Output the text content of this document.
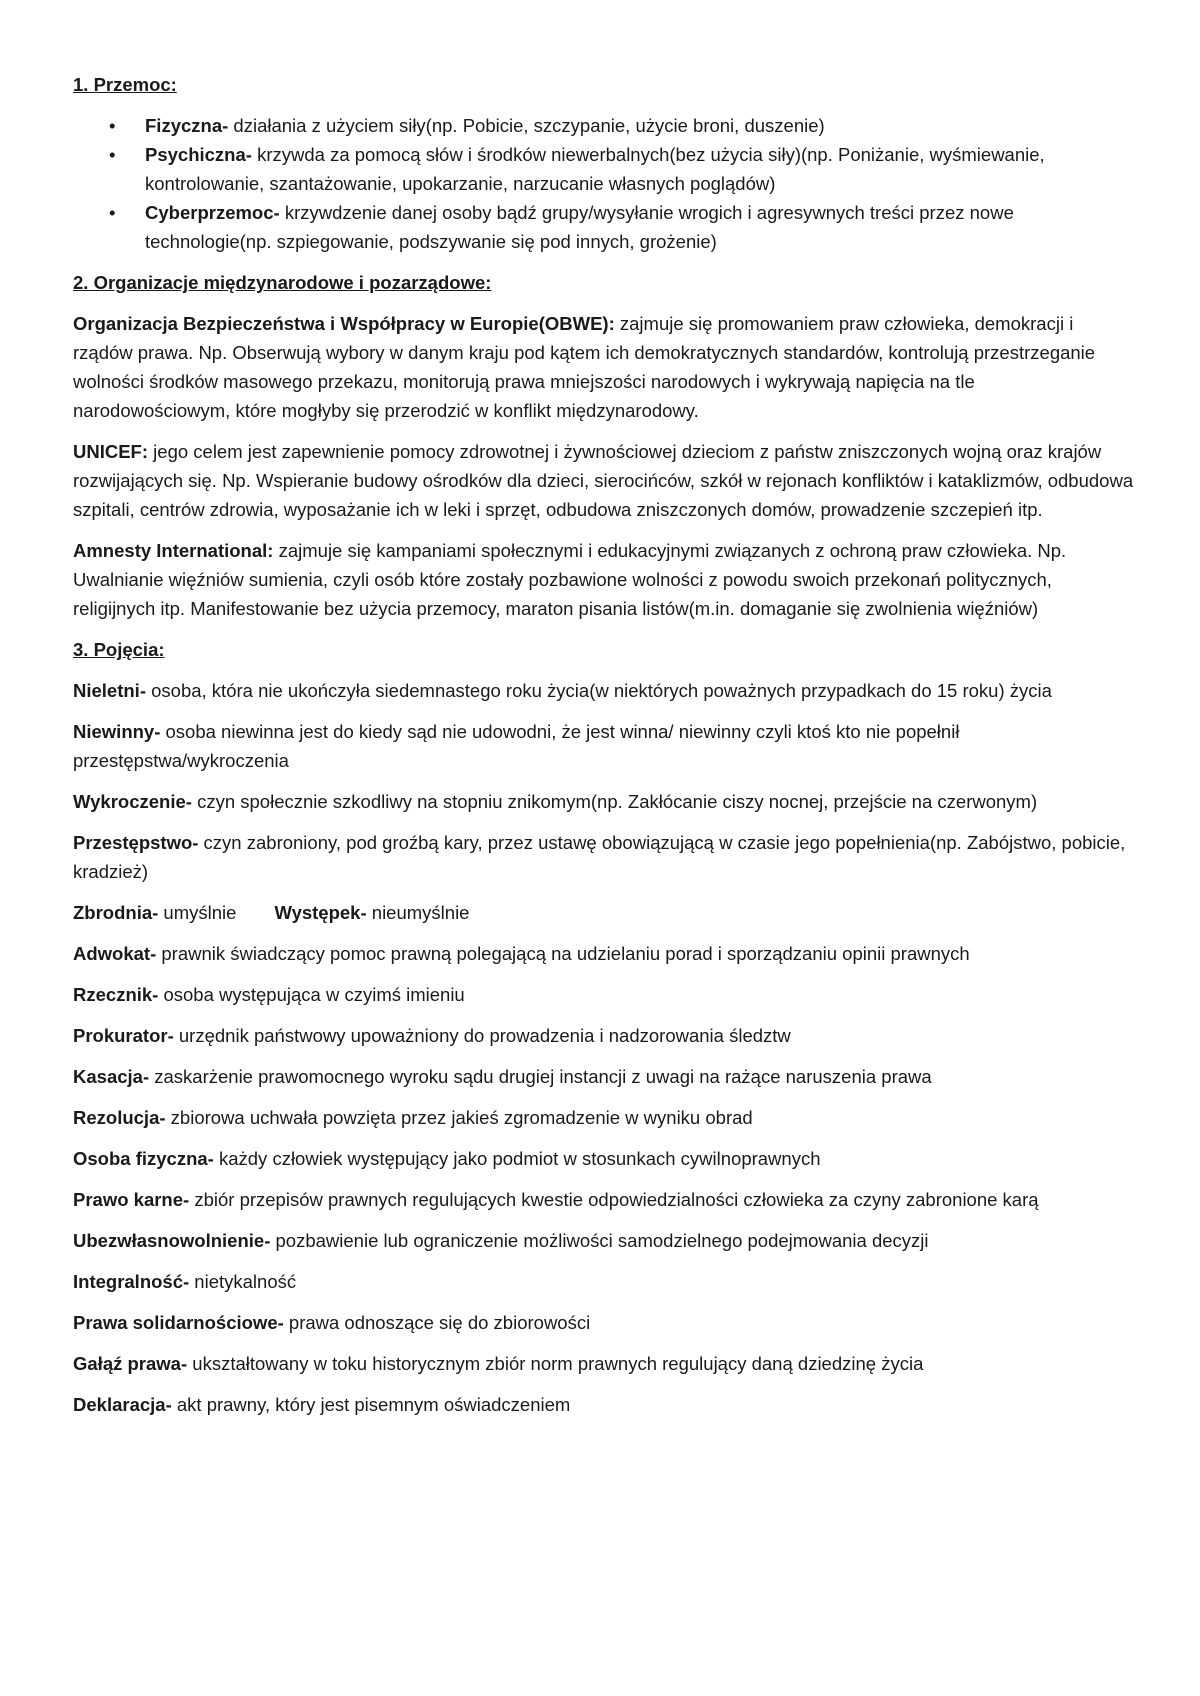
1. Przemoc:
• Fizyczna- działania z użyciem siły(np. Pobicie, szczypanie, użycie broni, duszenie)
• Psychiczna- krzywda za pomocą słów i środków niewerbalnych(bez użycia siły)(np. Poniżanie, wyśmiewanie, kontrolowanie, szantażowanie, upokarzanie, narzucanie własnych poglądów)
• Cyberprzemoc- krzywdzenie danej osoby bądź grupy/wysyłanie wrogich i agresywnych treści przez nowe technologie(np. szpiegowanie, podszywanie się pod innych, grożenie)
2. Organizacje międzynarodowe i pozarządowe:
Organizacja Bezpieczeństwa i Współpracy w Europie(OBWE): zajmuje się promowaniem praw człowieka, demokracji i rządów prawa. Np. Obserwują wybory w danym kraju pod kątem ich demokratycznych standardów, kontrolują przestrzeganie wolności środków masowego przekazu, monitorują prawa mniejszości narodowych i wykrywają napięcia na tle narodowościowym, które mogłyby się przerodzić w konflikt międzynarodowy.
UNICEF: jego celem jest zapewnienie pomocy zdrowotnej i żywnościowej dzieciom z państw zniszczonych wojną oraz krajów rozwijających się. Np. Wspieranie budowy ośrodków dla dzieci, sierocińców, szkół w rejonach konfliktów i kataklizmów, odbudowa szpitali, centrów zdrowia, wyposażanie ich w leki i sprzęt, odbudowa zniszczonych domów, prowadzenie szczepień itp.
Amnesty International: zajmuje się kampaniami społecznymi i edukacyjnymi związanych z ochroną praw człowieka. Np. Uwalnianie więźniów sumienia, czyli osób które zostały pozbawione wolności z powodu swoich przekonań politycznych, religijnych itp. Manifestowanie bez użycia przemocy, maraton pisania listów(m.in. domaganie się zwolnienia więźniów)
3. Pojęcia:
Nieletni- osoba, która nie ukończyła siedemnastego roku życia(w niektórych poważnych przypadkach do 15 roku) życia
Niewinny- osoba niewinna jest do kiedy sąd nie udowodni, że jest winna/ niewinny czyli ktoś kto nie popełnił przestępstwa/wykroczenia
Wykroczenie- czyn społecznie szkodliwy na stopniu znikomym(np. Zakłócanie ciszy nocnej, przejście na czerwonym)
Przestępstwo- czyn zabroniony, pod groźbą kary, przez ustawę obowiązującą w czasie jego popełnienia(np. Zabójstwo, pobicie, kradzież)
Zbrodnia- umyślnie Występek- nieumyślnie
Adwokat- prawnik świadczący pomoc prawną polegającą na udzielaniu porad i sporządzaniu opinii prawnych
Rzecznik- osoba występująca w czyimś imieniu
Prokurator- urzędnik państwowy upoważniony do prowadzenia i nadzorowania śledztw
Kasacja- zaskarżenie prawomocnego wyroku sądu drugiej instancji z uwagi na rażące naruszenia prawa
Rezolucja- zbiorowa uchwała powzięta przez jakieś zgromadzenie w wyniku obrad
Osoba fizyczna- każdy człowiek występujący jako podmiot w stosunkach cywilnoprawnych
Prawo karne- zbiór przepisów prawnych regulujących kwestie odpowiedzialności człowieka za czyny zabronione karą
Ubezwłasnowolnienie- pozbawienie lub ograniczenie możliwości samodzielnego podejmowania decyzji
Integralność- nietykalność
Prawa solidarnościowe- prawa odnoszące się do zbiorowości
Gałąź prawa- ukształtowany w toku historycznym zbiór norm prawnych regulujący daną dziedzinę życia
Deklaracja- akt prawny, który jest pisemnym oświadczeniem
